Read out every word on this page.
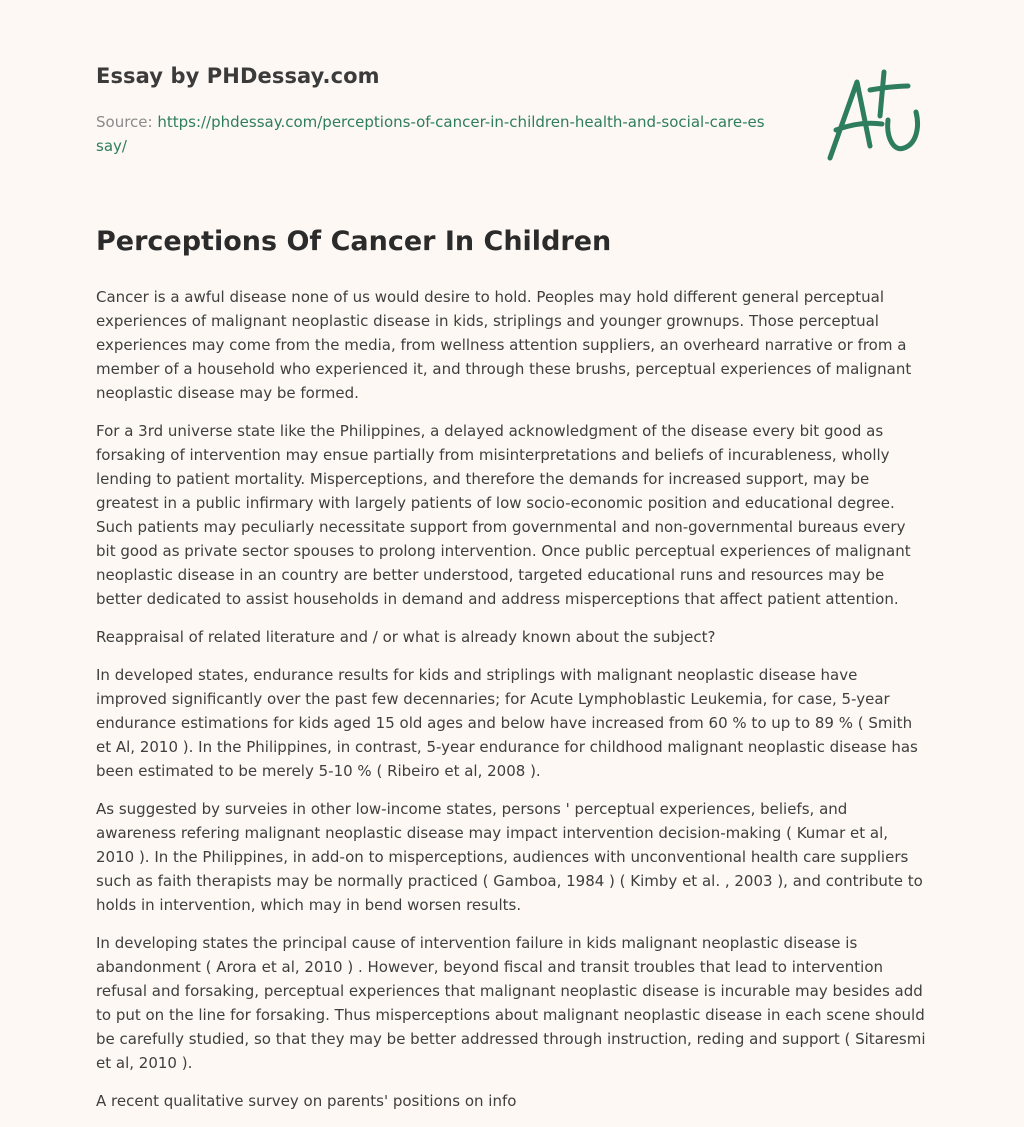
Essay by PHDessay.com
Source: https://phdessay.com/perceptions-of-cancer-in-children-health-and-social-care-essay/
Perceptions Of Cancer In Children

Cancer is a awful disease none of us would desire to hold. Peoples may hold different general perceptual experiences of malignant neoplastic disease in kids, striplings and younger grownups. Those perceptual experiences may come from the media, from wellness attention suppliers, an overheard narrative or from a member of a household who experienced it, and through these brushs, perceptual experiences of malignant neoplastic disease may be formed.

For a 3rd universe state like the Philippines, a delayed acknowledgment of the disease every bit good as forsaking of intervention may ensue partially from misinterpretations and beliefs of incurableness, wholly lending to patient mortality. Misperceptions, and therefore the demands for increased support, may be greatest in a public infirmary with largely patients of low socio-economic position and educational degree. Such patients may peculiarly necessitate support from governmental and non-governmental bureaus every bit good as private sector spouses to prolong intervention. Once public perceptual experiences of malignant neoplastic disease in an country are better understood, targeted educational runs and resources may be better dedicated to assist households in demand and address misperceptions that affect patient attention.

Reappraisal of related literature and / or what is already known about the subject?

In developed states, endurance results for kids and striplings with malignant neoplastic disease have improved significantly over the past few decennaries; for Acute Lymphoblastic Leukemia, for case, 5-year endurance estimations for kids aged 15 old ages and below have increased from 60 % to up to 89 % ( Smith et Al, 2010 ). In the Philippines, in contrast, 5-year endurance for childhood malignant neoplastic disease has been estimated to be merely 5-10 % ( Ribeiro et al, 2008 ).

As suggested by surveies in other low-income states, persons ' perceptual experiences, beliefs, and awareness refering malignant neoplastic disease may impact intervention decision-making ( Kumar et al, 2010 ). In the Philippines, in add-on to misperceptions, audiences with unconventional health care suppliers such as faith therapists may be normally practiced ( Gamboa, 1984 ) ( Kimby et al. , 2003 ), and contribute to holds in intervention, which may in bend worsen results.

In developing states the principal cause of intervention failure in kids malignant neoplastic disease is abandonment ( Arora et al, 2010 ) . However, beyond fiscal and transit troubles that lead to intervention refusal and forsaking, perceptual experiences that malignant neoplastic disease is incurable may besides add to put on the line for forsaking. Thus misperceptions about malignant neoplastic disease in each scene should be carefully studied, so that they may be better addressed through instruction, reding and support ( Sitaresmi et al, 2010 ).

A recent qualitative survey on parents' positions on info
